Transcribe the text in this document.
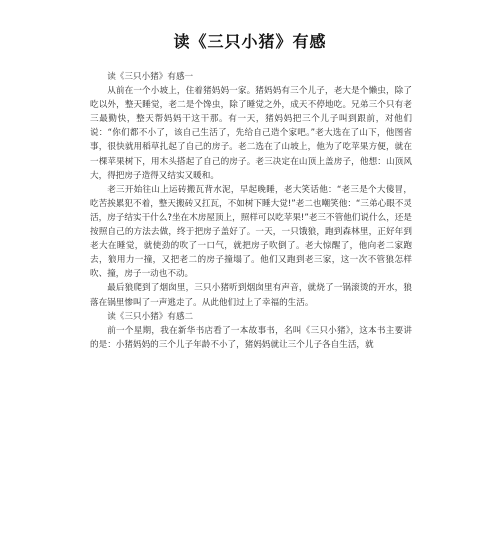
读《三只小猪》有感

读《三只小猪》有感一

从前在一个小坡上，住着猪妈妈一家。猪妈妈有三个儿子，老大是个懒虫，除了吃以外，整天睡觉，老二是个馋虫，除了睡觉之外，成天不停地吃。兄弟三个只有老三最勤快，整天帮妈妈干这干那。有一天，猪妈妈把三个儿子叫到跟前，对他们说：“你们都不小了，该自己生活了，先给自己造个家吧。”老大选在了山下，他图省事，很快就用稻草扎起了自己的房子。老二选在了山坡上，他为了吃苹果方便，就在一棵苹果树下，用木头搭起了自己的房子。老三决定在山顶上盖房子，他想：山顶风大，得把房子造得又结实又暖和。

老三开始往山上运砖搬瓦背水泥，早起晚睡，老大笑话他：“老三是个大傻冒，吃苦挨累犯不着，整天搬砖又扛瓦，不如树下睡大觉!”老二也嘲笑他：“三弟心眼不灵活，房子结实干什么?坐在木房屋顶上，照样可以吃苹果!”老三不管他们说什么，还是按照自己的方法去做，终于把房子盖好了。一天，一只饿狼，跑到森林里，正好年到老大在睡觉，就使劲的吹了一口气，就把房子吹倒了。老大惊醒了，他向老二家跑去，狼用力一撞，又把老二的房子撞塌了。他们又跑到老三家，这一次不管狼怎样吹、撞，房子一动也不动。

最后狼爬到了烟囱里，三只小猪听到烟囱里有声音，就烧了一锅滚烫的开水，狼落在锅里惨叫了一声逃走了。从此他们过上了幸福的生活。

读《三只小猪》有感二

前一个星期，我在新华书店看了一本故事书，名叫《三只小猪》，这本书主要讲的是：小猪妈妈的三个儿子年龄不小了，猪妈妈就让三个儿子各自生活，就
